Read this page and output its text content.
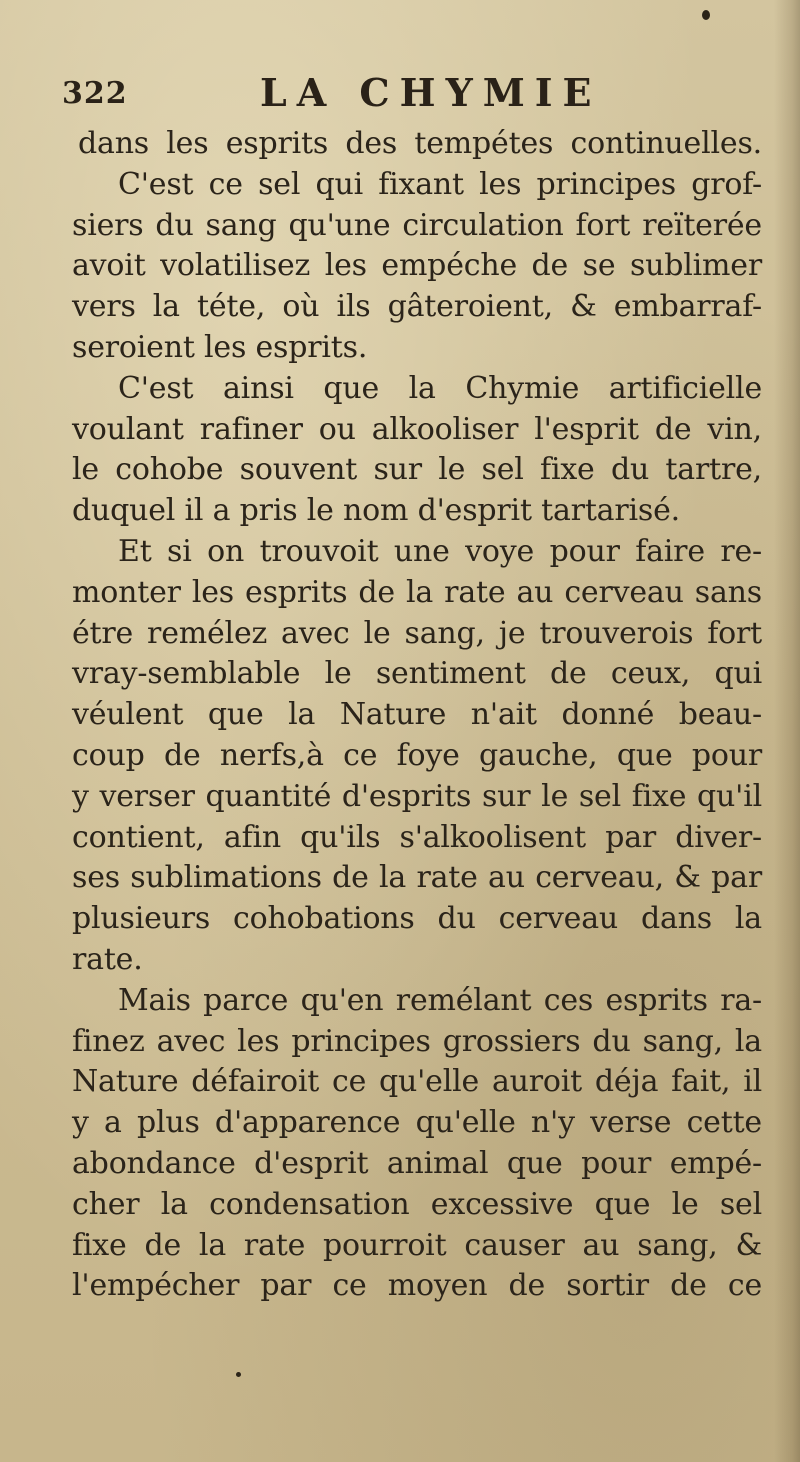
322	LA CHYMIE
dans les esprits des tempétes continuelles.
C'est ce sel qui fixant les principes grof-
siers du sang qu'une circulation fort reïterée
avoit volatilisez les empéche de se sublimer
vers la téte, où ils gâteroient, & embarraf-
seroient les esprits.
C'est ainsi que la Chymie artificielle
voulant rafiner ou alkooliser l'esprit de vin,
le cohobe souvent sur le sel fixe du tartre,
duquel il a pris le nom d'esprit tartarisé.
Et si on trouvoit une voye pour faire re-
monter les esprits de la rate au cerveau sans
étre remélez avec le sang, je trouverois fort
vray-semblable le sentiment de ceux, qui
véulent que la Nature n'ait donné beau-
coup de nerfs,à ce foye gauche, que pour
y verser quantité d'esprits sur le sel fixe qu'il
contient, afin qu'ils s'alkoolisent par diver-
ses sublimations de la rate au cerveau, & par
plusieurs cohobations du cerveau dans la
rate.
Mais parce qu'en remélant ces esprits ra-
finez avec les principes grossiers du sang, la
Nature défairoit ce qu'elle auroit déja fait, il
y a plus d'apparence qu'elle n'y verse cette
abondance d'esprit animal que pour empé-
cher la condensation excessive que le sel
fixe de la rate pourroit causer au sang, &
l'empécher par ce moyen de sortir de ce
